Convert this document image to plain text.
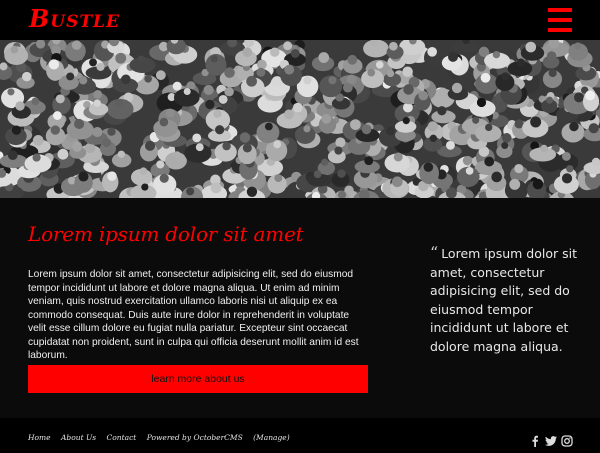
Bustle
Lorem ipsum dolor sit amet
Lorem ipsum dolor sit amet, consectetur adipisicing elit, sed do eiusmod tempor incididunt ut labore et dolore magna aliqua. Ut enim ad minim veniam, quis nostrud exercitation ullamco laboris nisi ut aliquip ex ea commodo consequat. Duis aute irure dolor in reprehenderit in voluptate velit esse cillum dolore eu fugiat nulla pariatur. Excepteur sint occaecat cupidatat non proident, sunt in culpa qui officia deserunt mollit anim id est laborum.
learn more about us
“ Lorem ipsum dolor sit amet, consectetur adipisicing elit, sed do eiusmod tempor incididunt ut labore et dolore magna aliqua.
Home About Us Contact Powered by OctoberCMS (Manage)
